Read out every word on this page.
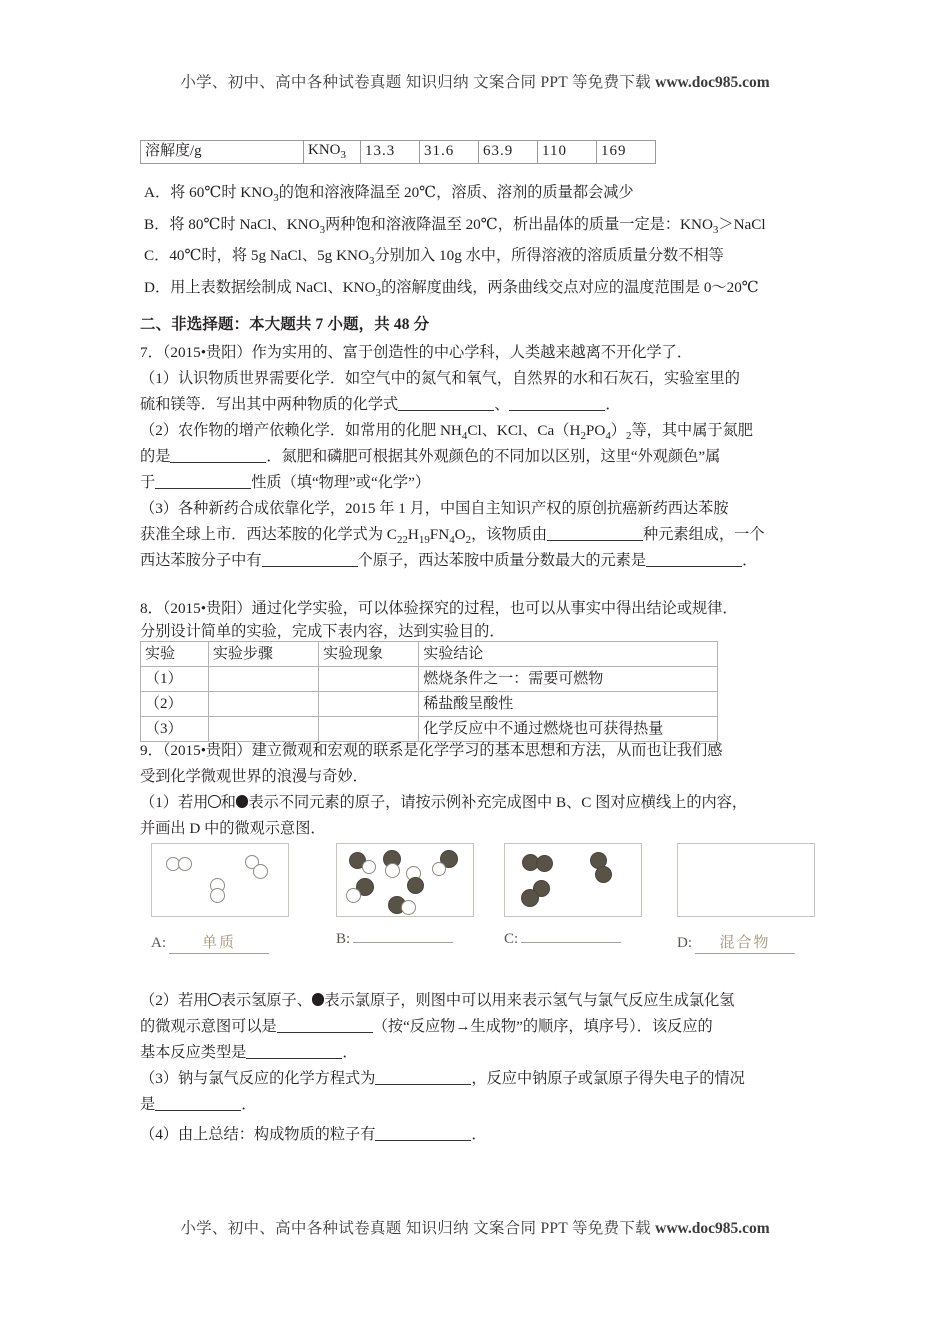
小学、初中、高中各种试卷真题 知识归纳 文案合同 PPT 等免费下载 www.doc985.com
溶解度/g	$KNO_3$	13.3	31.6	63.9	110	169

A．将 60℃时 $KNO_3$的饱和溶液降温至 20℃，溶质、溶剂的质量都会减少

B．将 80℃时 NaCl、$KNO_3$两种饱和溶液降温至 20℃，析出晶体的质量一定是：$KNO_3>NaCl$

C．40℃时，将 5g NaCl、5g $KNO_3$分别加入 10g 水中，所得溶液的溶质质量分数不相等

D．用上表数据绘制成 NaCl、$KNO_3$的溶解度曲线，两条曲线交点对应的温度范围是 0～20℃

二、非选择题：本大题共 7 小题，共 48 分
7．（2015•贵阳）作为实用的、富于创造性的中心学科，人类越来越离不开化学了．
（1）认识物质世界需要化学．如空气中的氮气和氧气，自然界的水和石灰石，实验室里的
硫和镁等．写出其中两种物质的化学式	、	．
（2）农作物的增产依赖化学．如常用的化肥 $NH_4Cl$、KCl、$Ca(H_2PO_4)_2$等，其中属于氮肥
的是	．氮肥和磷肥可根据其外观颜色的不同加以区别，这里“外观颜色”属
于	性质（填“物理”或“化学”）
（3）各种新药合成依靠化学，2015 年 1 月，中国自主知识产权的原创抗癌新药西达苯胺
获准全球上市．西达苯胺的化学式为 $C_{22}H_{19}FN_4O_2$，该物质由	种元素组成，一个
西达苯胺分子中有	个原子，西达苯胺中质量分数最大的元素是	．
8．（2015•贵阳）通过化学实验，可以体验探究的过程，也可以从事实中得出结论或规律．
分别设计简单的实验，完成下表内容，达到实验目的．
实验	实验步骤	实验现象	实验结论
（1）			燃烧条件之一：需要可燃物
（2）			稀盐酸呈酸性
（3）			化学反应中不通过燃烧也可获得热量
9．（2015•贵阳）建立微观和宏观的联系是化学学习的基本思想和方法，从而也让我们感
受到化学微观世界的浪漫与奇妙．
（1）若用 和 表示不同元素的原子，请按示例补充完成图中 B、C 图对应横线上的内容，
并画出 D 中的微观示意图．
A: 单质	B:	C:	D: 混合物
（2）若用 表示氢原子、 表示氯原子，则图中可以用来表示氢气与氯气反应生成氯化氢
的微观示意图可以是	（按“反应物→生成物”的顺序，填序号）．该反应的
基本反应类型是	．
（3）钠与氯气反应的化学方程式为	，反应中钠原子或氯原子得失电子的情况
是	．
（4）由上总结：构成物质的粒子有	．
小学、初中、高中各种试卷真题 知识归纳 文案合同 PPT 等免费下载 www.doc985.com
